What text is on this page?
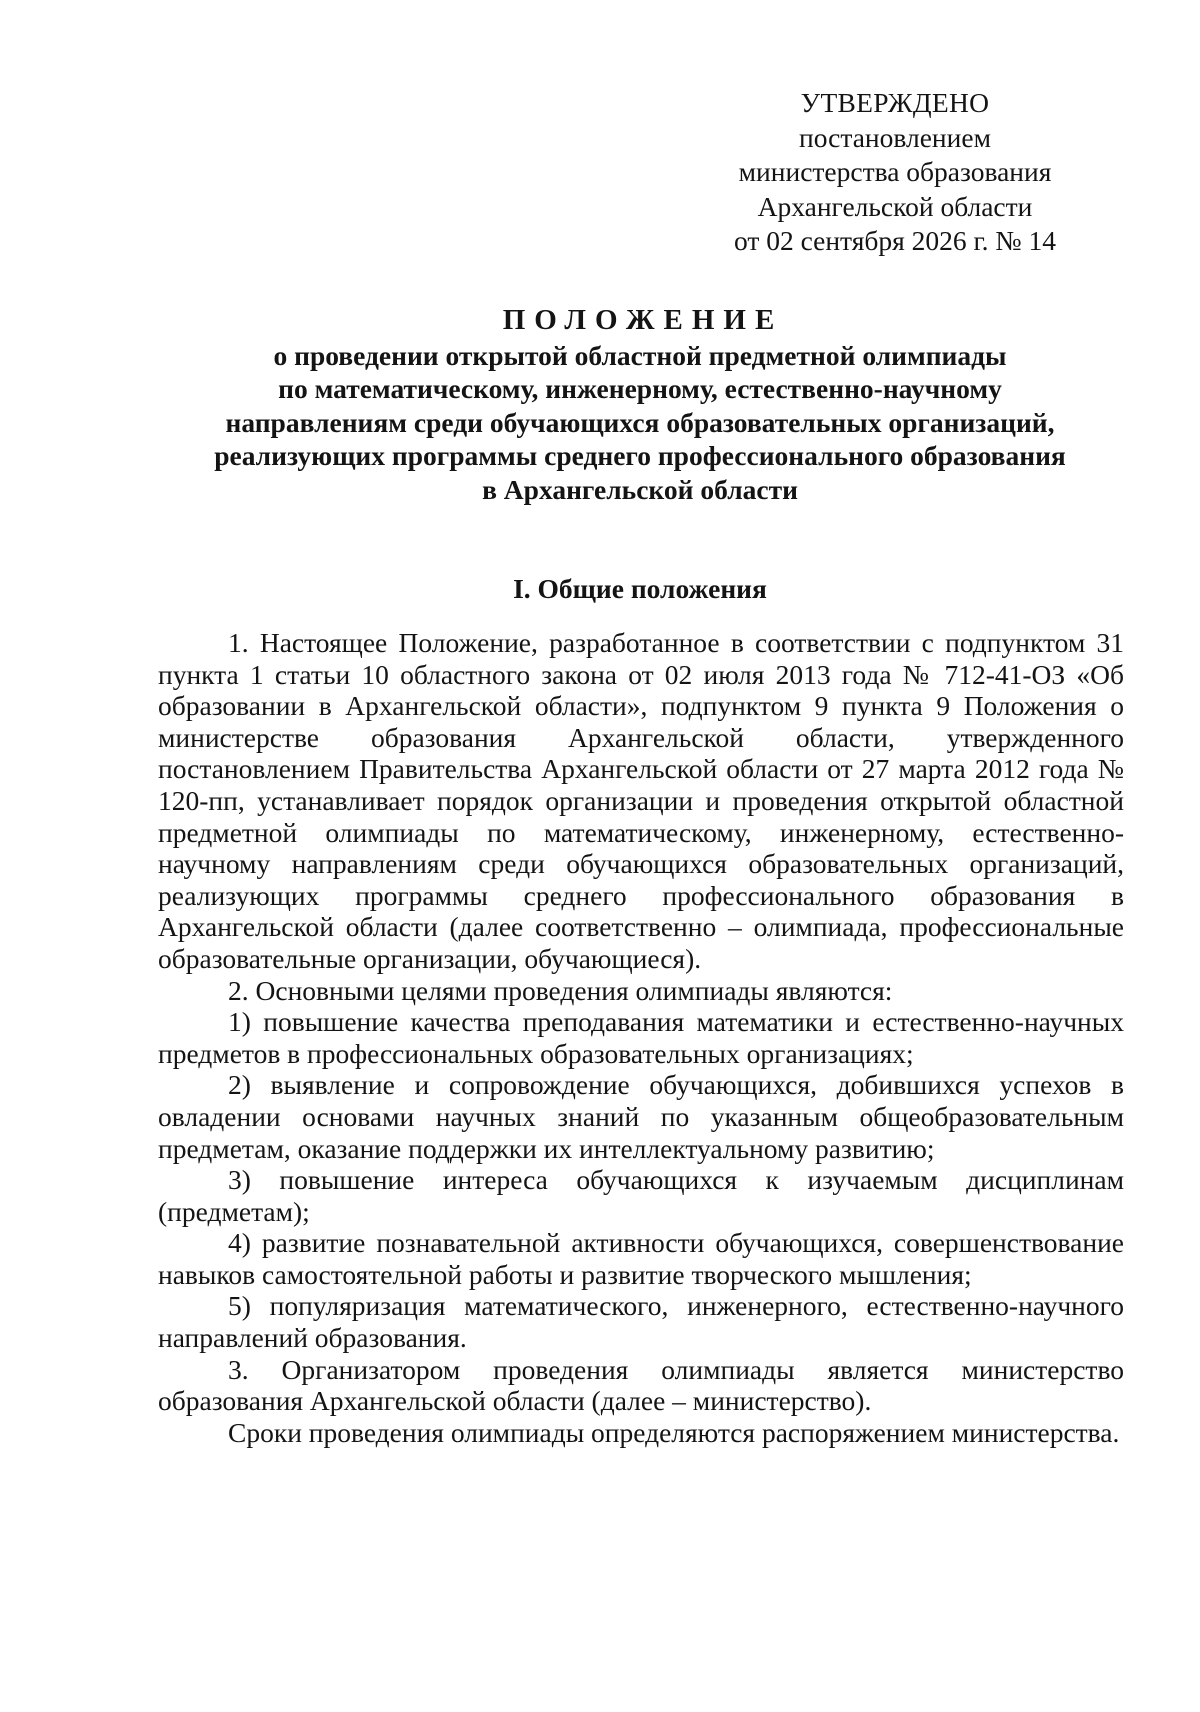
УТВЕРЖДЕНО
постановлением
министерства образования
Архангельской области
от 02 сентября 2026 г. № 14
ПОЛОЖЕНИЕ
о проведении открытой областной предметной олимпиады
по математическому, инженерному, естественно-научному
направлениям среди обучающихся образовательных организаций,
реализующих программы среднего профессионального образования
в Архангельской области
I. Общие положения

1. Настоящее Положение, разработанное в соответствии с подпунктом 31 пункта 1 статьи 10 областного закона от 02 июля 2013 года № 712-41-ОЗ «Об образовании в Архангельской области», подпунктом 9 пункта 9 Положения о министерстве образования Архангельской области, утвержденного постановлением Правительства Архангельской области от 27 марта 2012 года № 120-пп, устанавливает порядок организации и проведения открытой областной предметной олимпиады по математическому, инженерному, естественно-научному направлениям среди обучающихся образовательных организаций, реализующих программы среднего профессионального образования в Архангельской области (далее соответственно – олимпиада, профессиональные образовательные организации, обучающиеся).

2. Основными целями проведения олимпиады являются:

1) повышение качества преподавания математики и естественно-научных предметов в профессиональных образовательных организациях;

2) выявление и сопровождение обучающихся, добившихся успехов в овладении основами научных знаний по указанным общеобразовательным предметам, оказание поддержки их интеллектуальному развитию;

3) повышение интереса обучающихся к изучаемым дисциплинам (предметам);

4) развитие познавательной активности обучающихся, совершенствование навыков самостоятельной работы и развитие творческого мышления;

5) популяризация математического, инженерного, естественно-научного направлений образования.

3. Организатором проведения олимпиады является министерство образования Архангельской области (далее – министерство).

Сроки проведения олимпиады определяются распоряжением министерства.
